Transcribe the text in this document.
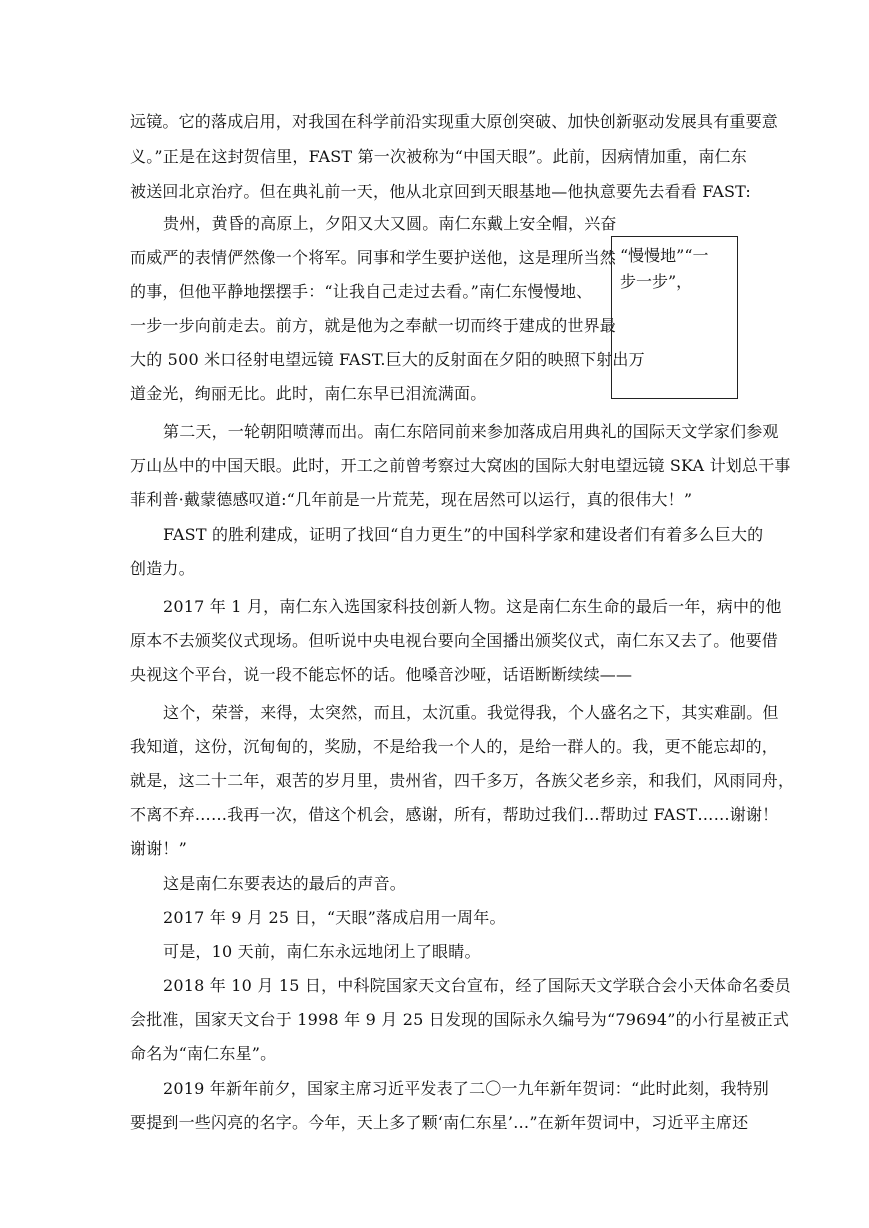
远镜。它的落成启用，对我国在科学前沿实现重大原创突破、加快创新驱动发展具有重要意
义。”正是在这封贺信里，FAST 第一次被称为“中国天眼”。此前，因病情加重，南仁东
被送回北京治疗。但在典礼前一天，他从北京回到天眼基地—他执意要先去看看 FAST:
贵州，黄昏的高原上，夕阳又大又圆。南仁东戴上安全帽，兴奋
而威严的表情俨然像一个将军。同事和学生要护送他，这是理所当然
的事，但他平静地摆摆手：“让我自己走过去看。”南仁东慢慢地、
一步一步向前走去。前方，就是他为之奉献一切而终于建成的世界最
大的 500 米口径射电望远镜 FAST.巨大的反射面在夕阳的映照下射出万
道金光，绚丽无比。此时，南仁东早已泪流满面。
“慢慢地”“一
步一步”，
第二天，一轮朝阳喷薄而出。南仁东陪同前来参加落成启用典礼的国际天文学家们参观
万山丛中的中国天眼。此时，开工之前曾考察过大窝凼的国际大射电望远镜 SKA 计划总干事
菲利普·戴蒙德感叹道:“几年前是一片荒芜，现在居然可以运行，真的很伟大！”
FAST 的胜利建成，证明了找回“自力更生”的中国科学家和建设者们有着多么巨大的
创造力。
2017 年 1 月，南仁东入选国家科技创新人物。这是南仁东生命的最后一年，病中的他
原本不去颁奖仪式现场。但听说中央电视台要向全国播出颁奖仪式，南仁东又去了。他要借
央视这个平台，说一段不能忘怀的话。他嗓音沙哑，话语断断续续——
这个，荣誉，来得，太突然，而且，太沉重。我觉得我，个人盛名之下，其实难副。但
我知道，这份，沉甸甸的，奖励，不是给我一个人的，是给一群人的。我，更不能忘却的，
就是，这二十二年，艰苦的岁月里，贵州省，四千多万，各族父老乡亲，和我们，风雨同舟，
不离不弃……我再一次，借这个机会，感谢，所有，帮助过我们…帮助过 FAST……谢谢！
谢谢！”
这是南仁东要表达的最后的声音。
2017 年 9 月 25 日，“天眼”落成启用一周年。
可是，10 天前，南仁东永远地闭上了眼睛。
2018 年 10 月 15 日，中科院国家天文台宣布，经了国际天文学联合会小天体命名委员
会批准，国家天文台于 1998 年 9 月 25 日发现的国际永久编号为“79694”的小行星被正式
命名为“南仁东星”。
2019 年新年前夕，国家主席习近平发表了二〇一九年新年贺词：“此时此刻，我特别
要提到一些闪亮的名字。今年，天上多了颗‘南仁东星’…”在新年贺词中，习近平主席还
